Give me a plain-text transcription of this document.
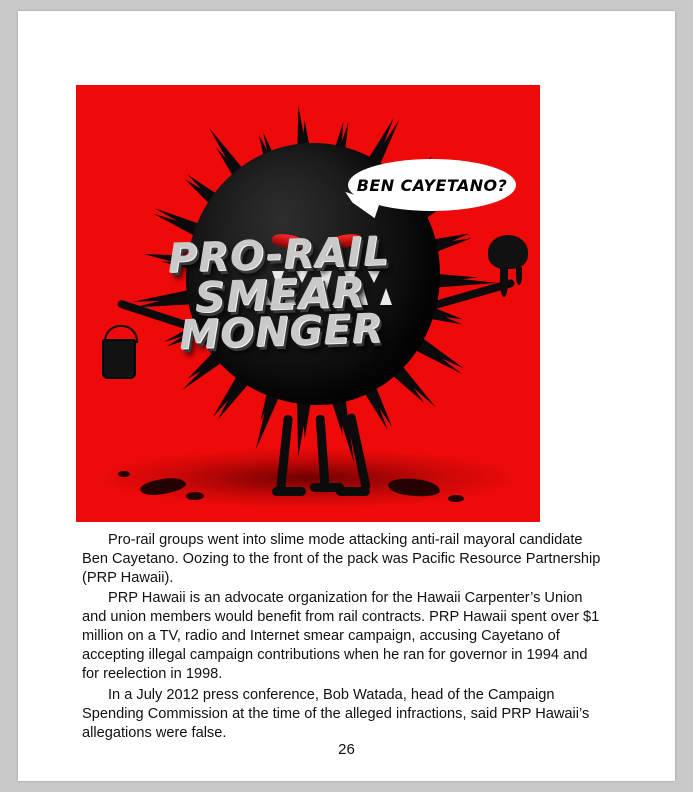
PRO-RAIL
SMEAR
MONGER
BEN CAYETANO?

Pro-rail groups went into slime mode attacking anti-rail mayoral candidate Ben Cayetano. Oozing to the front of the pack was Pacific Resource Partnership (PRP Hawaii).

PRP Hawaii is an advocate organization for the Hawaii Carpenter’s Union and union members would benefit from rail contracts. PRP Hawaii spent over $1 million on a TV, radio and Internet smear campaign, accusing Cayetano of accepting illegal campaign contributions when he ran for governor in 1994 and for reelection in 1998.

In a July 2012 press conference, Bob Watada, head of the Campaign Spending Commission at the time of the alleged infractions, said PRP Hawaii’s allegations were false.

26
